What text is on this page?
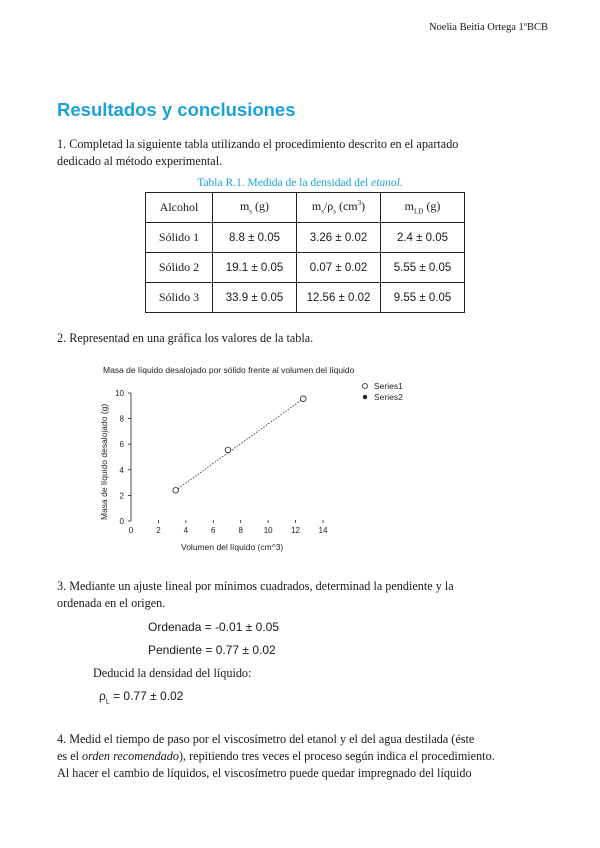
Noelia Beitia Ortega 1ºBCB
Resultados y conclusiones
1. Completad la siguiente tabla utilizando el procedimiento descrito en el apartado
dedicado al método experimental.
Tabla R.1. Medida de la densidad del etanol.
Alcohol	$m_s$ (g)	$m_s/\rho_s$ $(cm^3)$	$m_{LD}$ (g)
Sólido 1	8.8 ± 0.05	3.26 ± 0.02	2.4 ± 0.05
Sólido 2	19.1 ± 0.05	0.07 ± 0.02	5.55 ± 0.05
Sólido 3	33.9 ± 0.05	12.56 ± 0.02	9.55 ± 0.05
2. Representad en una gráfica los valores de la tabla.
Masa de líquido desalojado por sólido frente al volumen del líquido
0
2
4
6
8
10
0	2	4	6	8	10 12 14
Volumen del líquido (cm^3)
Masa de líquido desalojado (g)
Series1
Series2
3. Mediante un ajuste lineal por mínimos cuadrados, determinad la pendiente y la
ordenada en el origen.
Ordenada = -0.01 ± 0.05
Pendiente = 0.77 ± 0.02
Deducid la densidad del líquido:
$\rho_L = 0.77 \pm 0.02$
4. Medid el tiempo de paso por el viscosímetro del etanol y el del agua destilada (éste
es el orden recomendado), repitiendo tres veces el proceso según indica el procedimiento.
Al hacer el cambio de líquidos, el viscosímetro puede quedar impregnado del líquido
